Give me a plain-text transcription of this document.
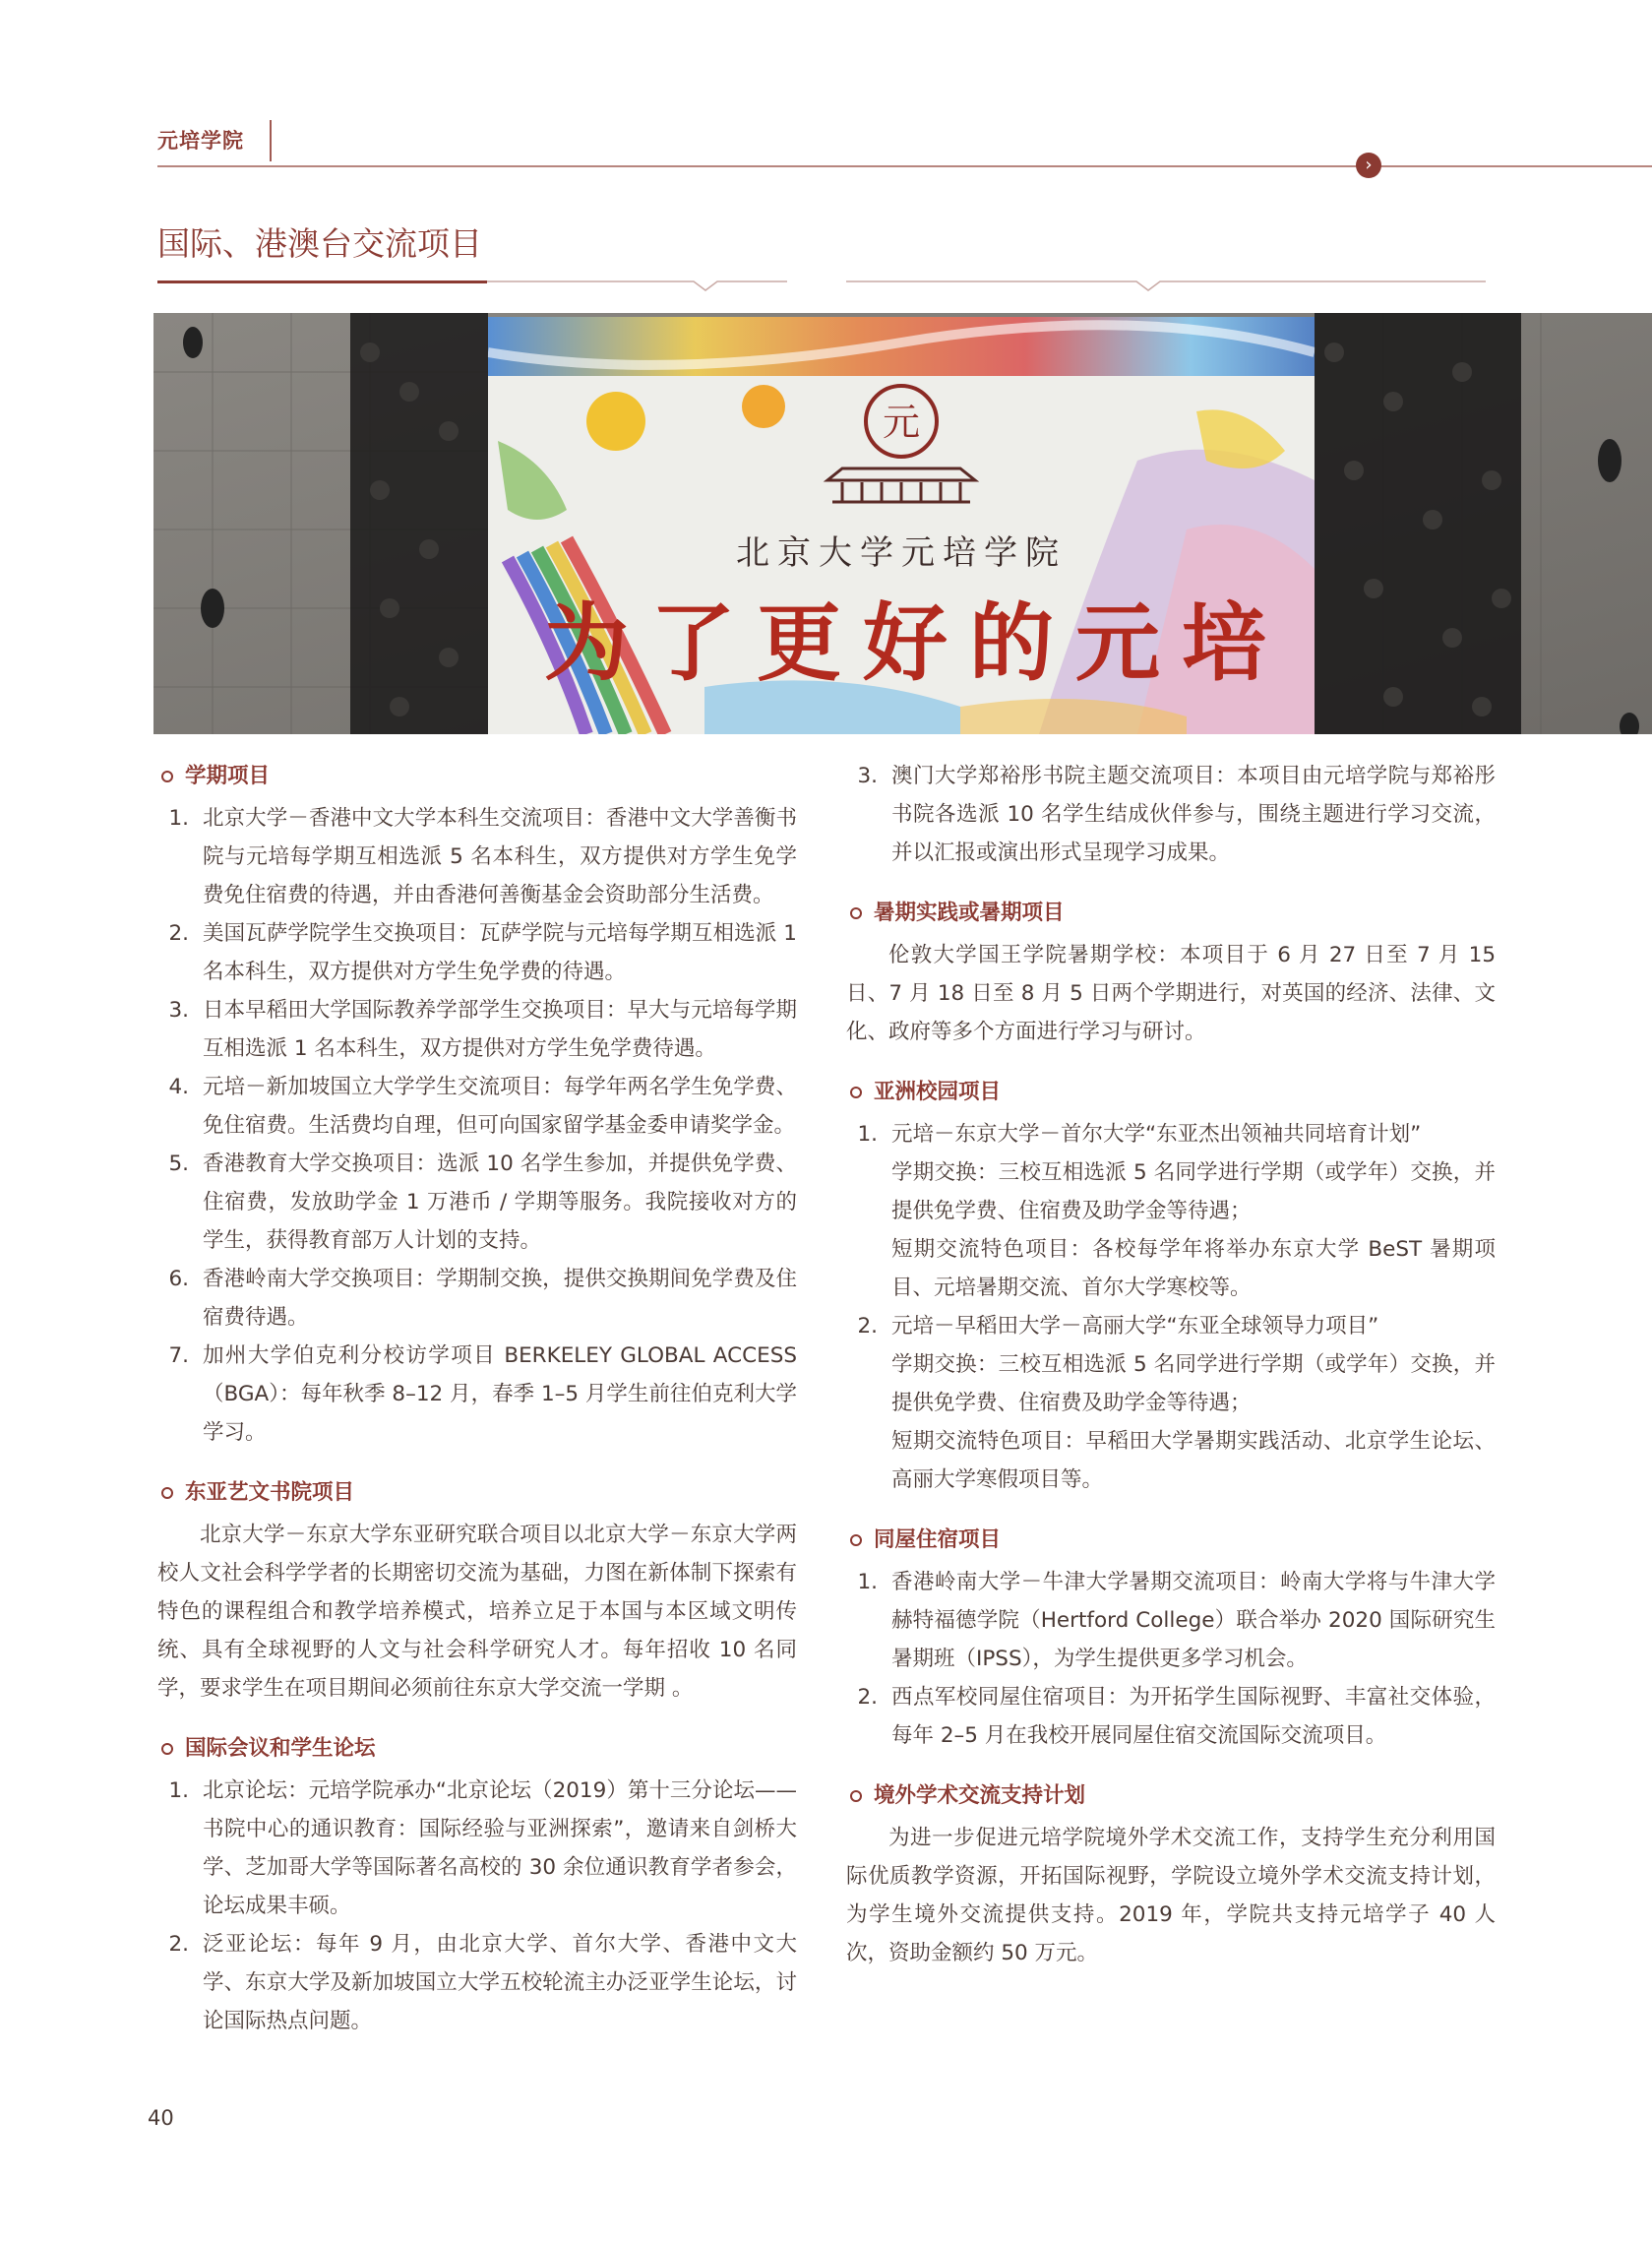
元培学院
›
国际、港澳台交流项目
元
北京大学元培学院
为了更好的元培
学期项目
1. 北京大学－香港中文大学本科生交流项目：香港中文大学善衡书院与元培每学期互相选派 5 名本科生，双方提供对方学生免学费免住宿费的待遇，并由香港何善衡基金会资助部分生活费。
2. 美国瓦萨学院学生交换项目：瓦萨学院与元培每学期互相选派 1 名本科生，双方提供对方学生免学费的待遇。
3. 日本早稻田大学国际教养学部学生交换项目：早大与元培每学期互相选派 1 名本科生，双方提供对方学生免学费待遇。
4. 元培－新加坡国立大学学生交流项目：每学年两名学生免学费、免住宿费。生活费均自理，但可向国家留学基金委申请奖学金。
5. 香港教育大学交换项目：选派 10 名学生参加，并提供免学费、住宿费，发放助学金 1 万港币 / 学期等服务。我院接收对方的学生，获得教育部万人计划的支持。
6. 香港岭南大学交换项目：学期制交换，提供交换期间免学费及住宿费待遇。
7. 加州大学伯克利分校访学项目 BERKELEY GLOBAL ACCESS（BGA）：每年秋季 8–12 月，春季 1–5 月学生前往伯克利大学学习。
东亚艺文书院项目

北京大学－东京大学东亚研究联合项目以北京大学－东京大学两校人文社会科学学者的长期密切交流为基础，力图在新体制下探索有特色的课程组合和教学培养模式，培养立足于本国与本区域文明传统、具有全球视野的人文与社会科学研究人才。每年招收 10 名同学，要求学生在项目期间必须前往东京大学交流一学期 。

国际会议和学生论坛
1. 北京论坛：元培学院承办“北京论坛（2019）第十三分论坛——书院中心的通识教育：国际经验与亚洲探索”，邀请来自剑桥大学、芝加哥大学等国际著名高校的 30 余位通识教育学者参会，论坛成果丰硕。
2. 泛亚论坛：每年 9 月，由北京大学、首尔大学、香港中文大学、东京大学及新加坡国立大学五校轮流主办泛亚学生论坛，讨论国际热点问题。
3. 澳门大学郑裕彤书院主题交流项目：本项目由元培学院与郑裕彤书院各选派 10 名学生结成伙伴参与，围绕主题进行学习交流，并以汇报或演出形式呈现学习成果。
暑期实践或暑期项目

伦敦大学国王学院暑期学校：本项目于 6 月 27 日至 7 月 15 日、7 月 18 日至 8 月 5 日两个学期进行，对英国的经济、法律、文化、政府等多个方面进行学习与研讨。

亚洲校园项目
1. 元培－东京大学－首尔大学“东亚杰出领袖共同培育计划”
学期交换：三校互相选派 5 名同学进行学期（或学年）交换，并提供免学费、住宿费及助学金等待遇；
短期交流特色项目：各校每学年将举办东京大学 BeST 暑期项目、元培暑期交流、首尔大学寒校等。
2. 元培－早稻田大学－高丽大学“东亚全球领导力项目”
学期交换：三校互相选派 5 名同学进行学期（或学年）交换，并提供免学费、住宿费及助学金等待遇；
短期交流特色项目：早稻田大学暑期实践活动、北京学生论坛、高丽大学寒假项目等。
同屋住宿项目
1. 香港岭南大学－牛津大学暑期交流项目：岭南大学将与牛津大学赫特福德学院（Hertford College）联合举办 2020 国际研究生暑期班（IPSS），为学生提供更多学习机会。
2. 西点军校同屋住宿项目：为开拓学生国际视野、丰富社交体验，每年 2–5 月在我校开展同屋住宿交流国际交流项目。
境外学术交流支持计划

为进一步促进元培学院境外学术交流工作，支持学生充分利用国际优质教学资源，开拓国际视野，学院设立境外学术交流支持计划，为学生境外交流提供支持。2019 年，学院共支持元培学子 40 人次，资助金额约 50 万元。

40
